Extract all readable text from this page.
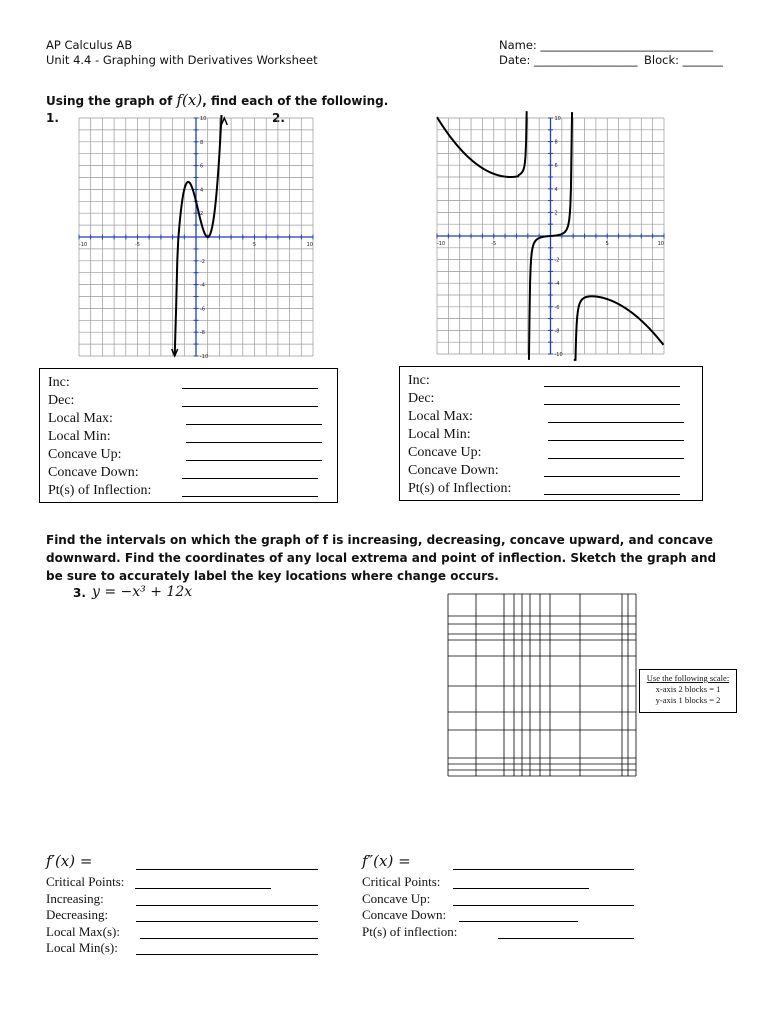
AP Calculus AB
Unit 4.4 - Graphing with Derivatives Worksheet
Name: ______________________________
Date: __________________ Block: _______
Using the graph of f(x), find each of the following.
1.	2.
10
8
6
4
2
-2
-4
-6
-8
-10
-10	-5	5	10
10
8
6
4
2
-2
-4
-6
-8
-10
-10	-5	5	10
Inc:
Dec:
Local Max:
Local Min:
Concave Up:
Concave Down:
Pt(s) of Inflection:
Inc:
Dec:
Local Max:
Local Min:
Concave Up:
Concave Down:
Pt(s) of Inflection:
Find the intervals on which the graph of f is increasing, decreasing, concave upward, and concave downward. Find the coordinates of any local extrema and point of inflection. Sketch the graph and be sure to accurately label the key locations where change occurs.
3. y = −x³ + 12x
Use the following scale:
x-axis 2 blocks = 1
y-axis 1 blocks = 2
f′(x) =
Critical Points:
Increasing:
Decreasing:
Local Max(s):
Local Min(s):
f″(x) =
Critical Points:
Concave Up:
Concave Down:
Pt(s) of inflection:
